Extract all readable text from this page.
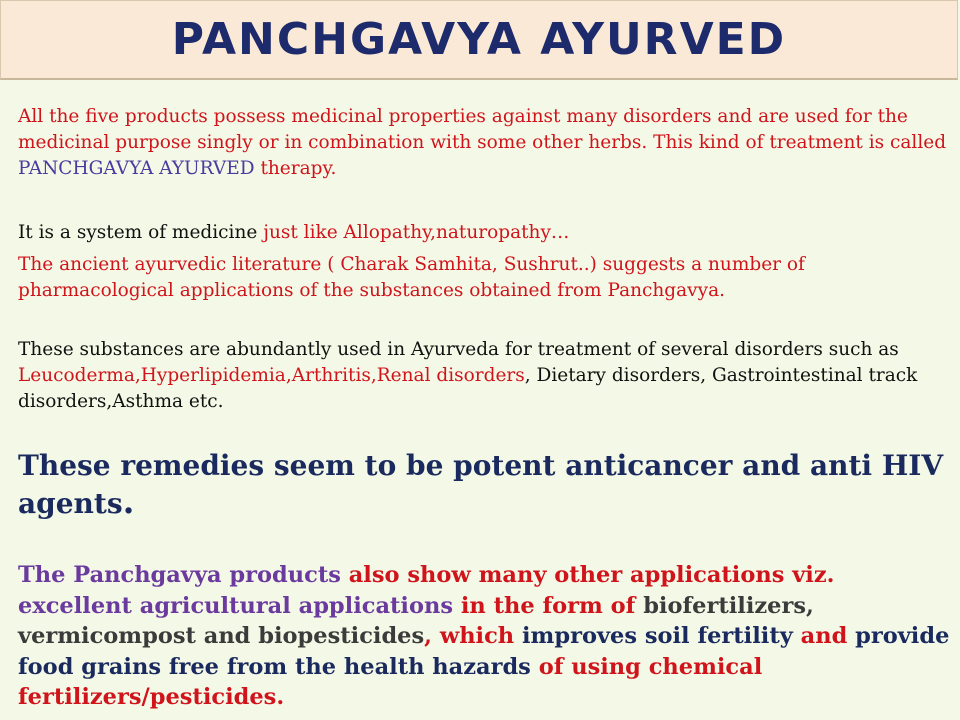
PANCHGAVYA AYURVED

All the five products possess medicinal properties against many disorders and are used for the medicinal purpose singly or in combination with some other herbs. This kind of treatment is called PANCHGAVYA AYURVED therapy.

It is a system of medicine just like Allopathy,naturopathy…

The ancient ayurvedic literature ( Charak Samhita, Sushrut..) suggests a number of pharmacological applications of the substances obtained from Panchgavya.

These substances are abundantly used in Ayurveda for treatment of several disorders such as Leucoderma,Hyperlipidemia,Arthritis,Renal disorders, Dietary disorders, Gastrointestinal track disorders,Asthma etc.

These remedies seem to be potent anticancer and anti HIV agents.

The Panchgavya products also show many other applications viz.
excellent agricultural applications in the form of biofertilizers, vermicompost and biopesticides, which improves soil fertility and provide food grains free from the health hazards of using chemical fertilizers/pesticides.
